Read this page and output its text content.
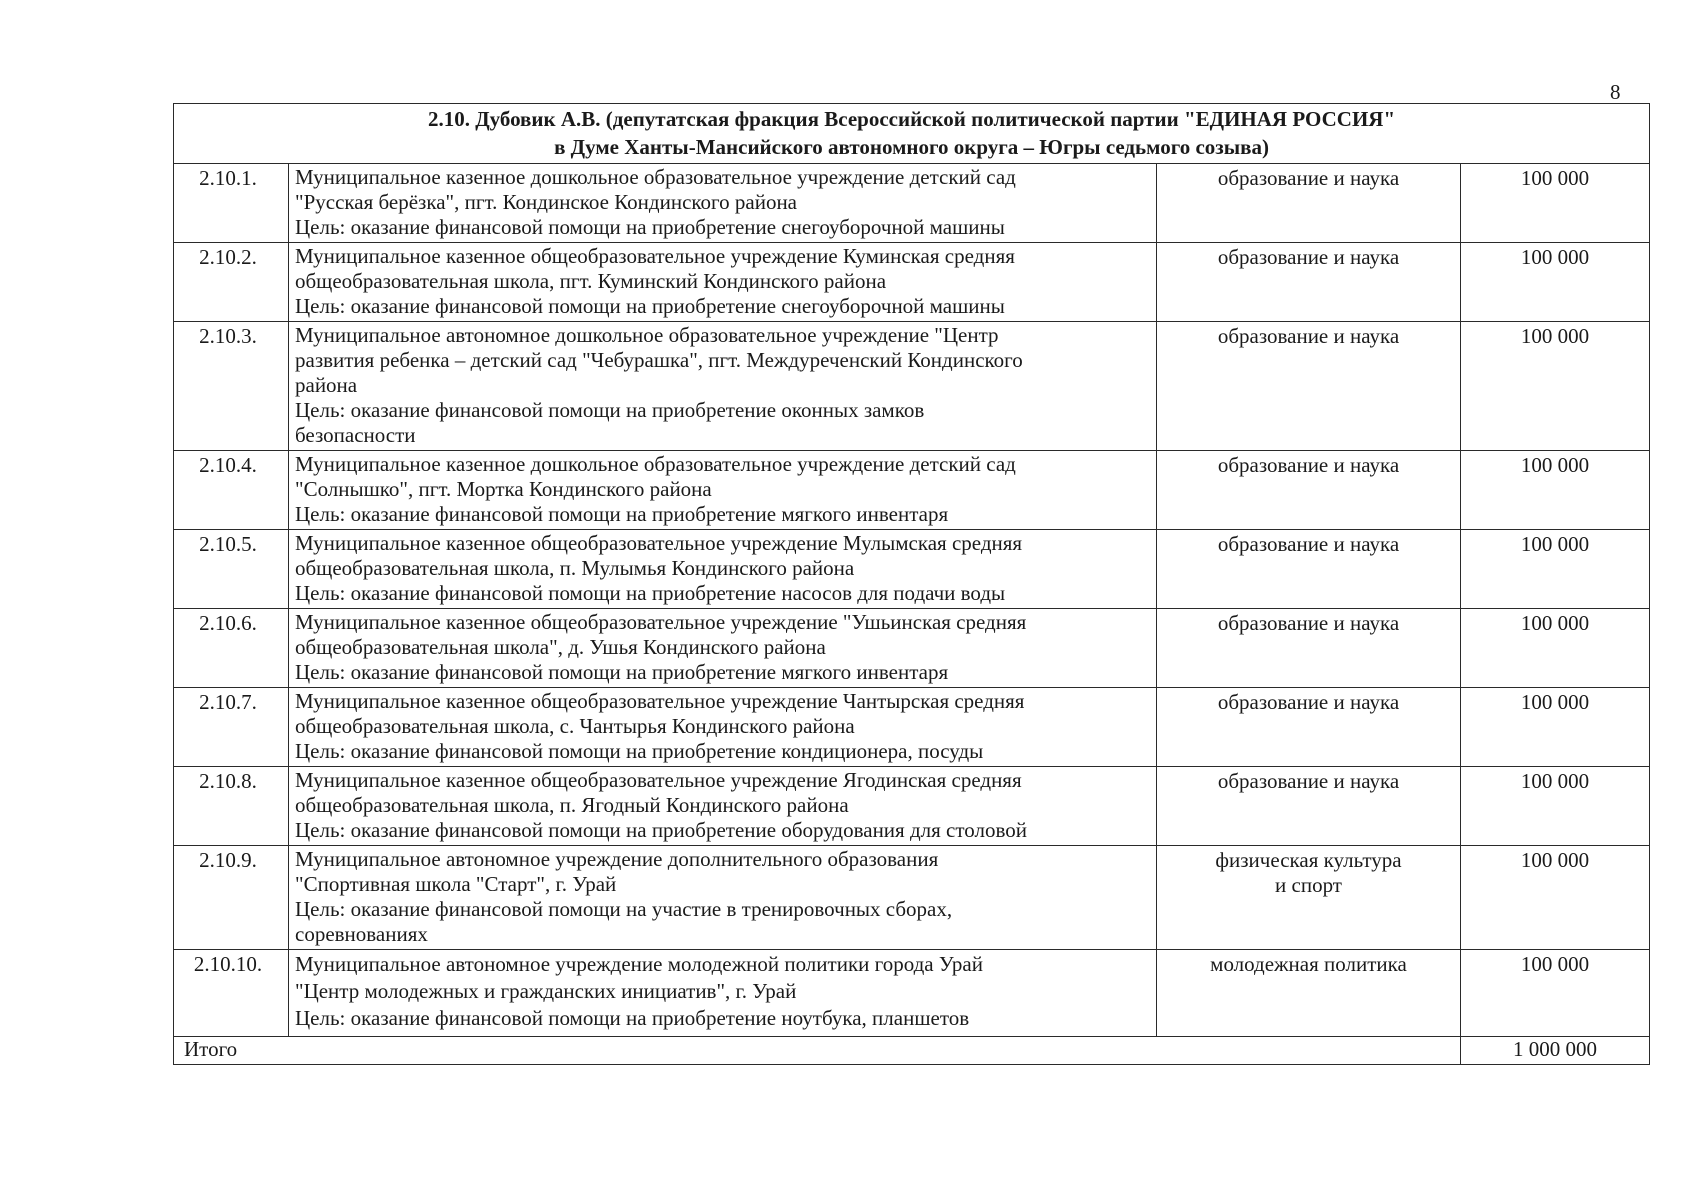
8
2.10. Дубовик А.В. (депутатская фракция Всероссийской политической партии "ЕДИНАЯ РОССИЯ"
в Думе Ханты-Мансийского автономного округа – Югры седьмого созыва)			

2.10.1.	Муниципальное казенное дошкольное образовательное учреждение детский сад
"Русская берёзка", пгт. Кондинское Кондинского района
Цель: оказание финансовой помощи на приобретение снегоуборочной машины	образование и наука	100 000
2.10.2.	Муниципальное казенное общеобразовательное учреждение Куминская средняя
общеобразовательная школа, пгт. Куминский Кондинского района
Цель: оказание финансовой помощи на приобретение снегоуборочной машины	образование и наука	100 000
2.10.3.	Муниципальное автономное дошкольное образовательное учреждение "Центр
развития ребенка – детский сад "Чебурашка", пгт. Междуреченский Кондинского
района
Цель: оказание финансовой помощи на приобретение оконных замков
безопасности	образование и наука	100 000
2.10.4.	Муниципальное казенное дошкольное образовательное учреждение детский сад
"Солнышко", пгт. Мортка Кондинского района
Цель: оказание финансовой помощи на приобретение мягкого инвентаря	образование и наука	100 000
2.10.5.	Муниципальное казенное общеобразовательное учреждение Мулымская средняя
общеобразовательная школа, п. Мулымья Кондинского района
Цель: оказание финансовой помощи на приобретение насосов для подачи воды	образование и наука	100 000
2.10.6.	Муниципальное казенное общеобразовательное учреждение "Ушьинская средняя
общеобразовательная школа", д. Ушья Кондинского района
Цель: оказание финансовой помощи на приобретение мягкого инвентаря	образование и наука	100 000
2.10.7.	Муниципальное казенное общеобразовательное учреждение Чантырская средняя
общеобразовательная школа, с. Чантырья Кондинского района
Цель: оказание финансовой помощи на приобретение кондиционера, посуды	образование и наука	100 000
2.10.8.	Муниципальное казенное общеобразовательное учреждение Ягодинская средняя
общеобразовательная школа, п. Ягодный Кондинского района
Цель: оказание финансовой помощи на приобретение оборудования для столовой	образование и наука	100 000
2.10.9.	Муниципальное автономное учреждение дополнительного образования
"Спортивная школа "Старт", г. Урай
Цель: оказание финансовой помощи на участие в тренировочных сборах,
соревнованиях	физическая культура
и спорт	100 000
2.10.10.	Муниципальное автономное учреждение молодежной политики города Урай
"Центр молодежных и гражданских инициатив", г. Урай
Цель: оказание финансовой помощи на приобретение ноутбука, планшетов	молодежная политика	100 000
Итого			1 000 000
